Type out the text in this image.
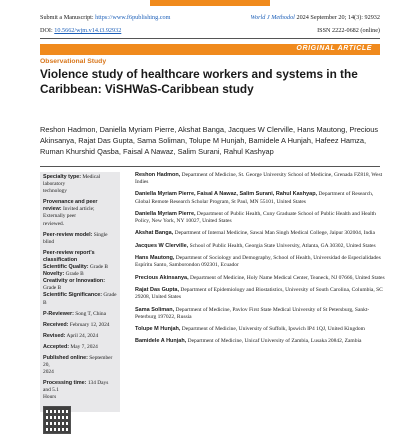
Submit a Manuscript: https://www.f6publishing.com	World J Methodol 2024 September 20; 14(3): 92932
DOI: 10.5662/wjm.v14.i3.92932	ISSN 2222-0682 (online)
ORIGINAL ARTICLE
Observational Study
Violence study of healthcare workers and systems in the Caribbean: ViSHWaS-Caribbean study

Reshon Hadmon, Daniella Myriam Pierre, Akshat Banga, Jacques W Clerville, Hans Mautong, Precious Akinsanya, Rajat Das Gupta, Sama Soliman, Tolupe M Hunjah, Bamidele A Hunjah, Hafeez Hamza, Ruman Khurshid Qasba, Faisal A Nawaz, Salim Surani, Rahul Kashyap

Specialty type: Medical laboratory
technology
Provenance and peer review: Invited article; Externally peer
reviewed.
Peer-review model: Single blind
Peer-review report's classification
Scientific Quality: Grade B
Novelty: Grade B
Creativity or Innovation: Grade B
Scientific Significance: Grade B
P-Reviewer: Song T, China
Received: February 12, 2024
Revised: April 24, 2024
Accepted: May 7, 2024
Published online: September 20,
2024
Processing time: 134 Days and 5.1
Hours

Reshon Hadmon, Department of Medicine, St. George University School of Medicine, Grenada FZ818, West Indies

Daniella Myriam Pierre, Faisal A Nawaz, Salim Surani, Rahul Kashyap, Department of Research, Global Remote Research Scholar Program, St Paul, MN 55101, United States

Daniella Myriam Pierre, Department of Public Health, Cuny Graduate School of Public Health and Health Policy, New York, NY 10027, United States

Akshat Banga, Department of Internal Medicine, Sawai Man Singh Medical College, Jaipur 302004, India

Jacques W Clerville, School of Public Health, Georgia State University, Atlanta, GA 30302, United States

Hans Mautong, Department of Sociology and Demography, School of Health, Universidad de Especialidades Espíritu Santo, Samborondon 092301, Ecuador

Precious Akinsanya, Department of Medicine, Holy Name Medical Center, Teaneck, NJ 07666, United States

Rajat Das Gupta, Department of Epidemiology and Biostatistics, University of South Carolina, Columbia, SC 29208, United States

Sama Soliman, Department of Medicine, Pavlov First State Medical University of St Petersburg, Sankt-Peterburg 197022, Russia

Tolupe M Hunjah, Department of Medicine, University of Suffolk, Ipswich IP4 1QJ, United Kingdom

Bamidele A Hunjah, Department of Medicine, Unicaf University of Zambia, Lusaka 20842, Zambia
